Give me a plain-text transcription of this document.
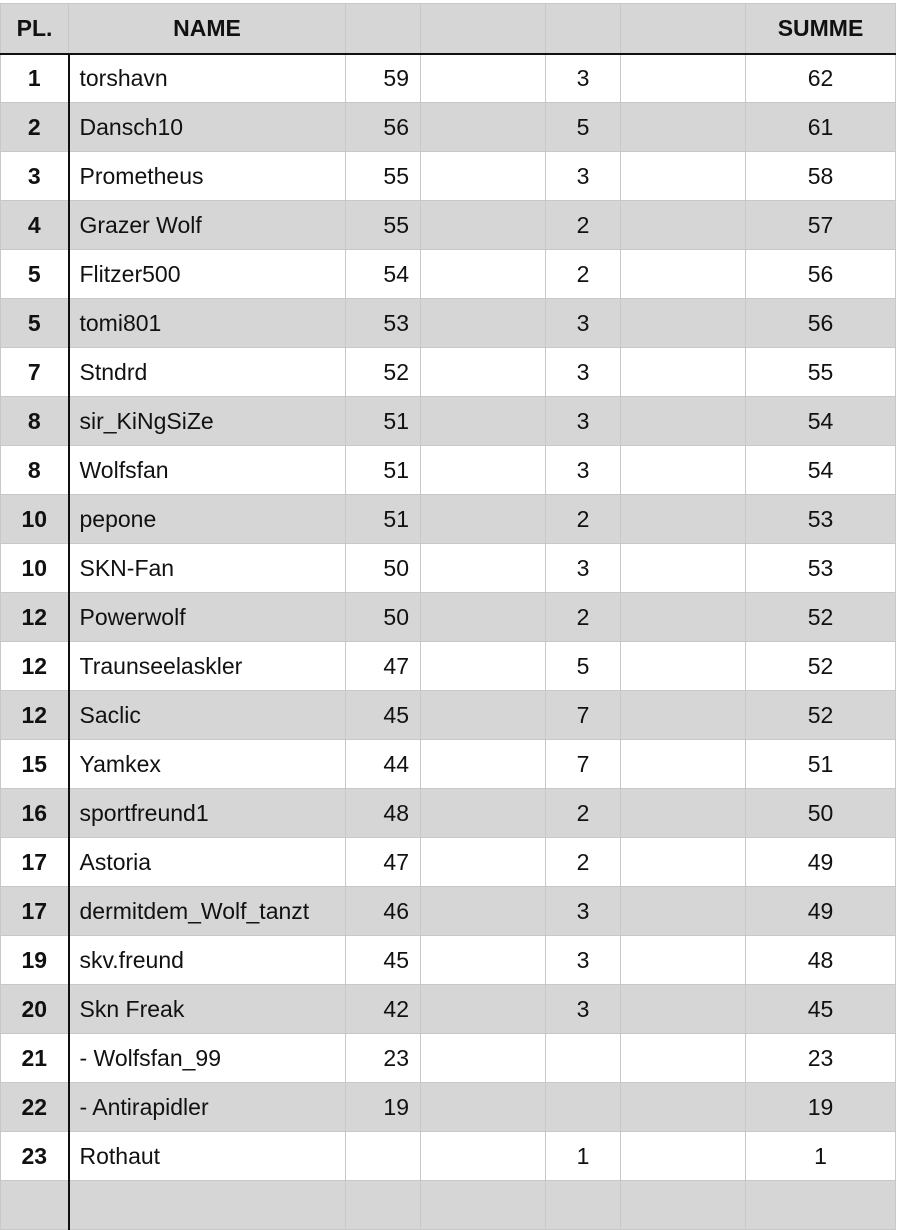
PL.	NAME					SUMME
1	torshavn	59		3		62
2	Dansch10	56		5		61
3	Prometheus	55		3		58
4	Grazer Wolf	55		2		57
5	Flitzer500	54		2		56
5	tomi801	53		3		56
7	Stndrd	52		3		55
8	sir_KiNgSiZe	51		3		54
8	Wolfsfan	51		3		54
10	pepone	51		2		53
10	SKN-Fan	50		3		53
12	Powerwolf	50		2		52
12	Traunseelaskler	47		5		52
12	Saclic	45		7		52
15	Yamkex	44		7		51
16	sportfreund1	48		2		50
17	Astoria	47		2		49
17	dermitdem_Wolf_tanzt	46		3		49
19	skv.freund	45		3		48
20	Skn Freak	42		3		45
21	- Wolfsfan_99	23				23
22	- Antirapidler	19				19
23	Rothaut			1		1
